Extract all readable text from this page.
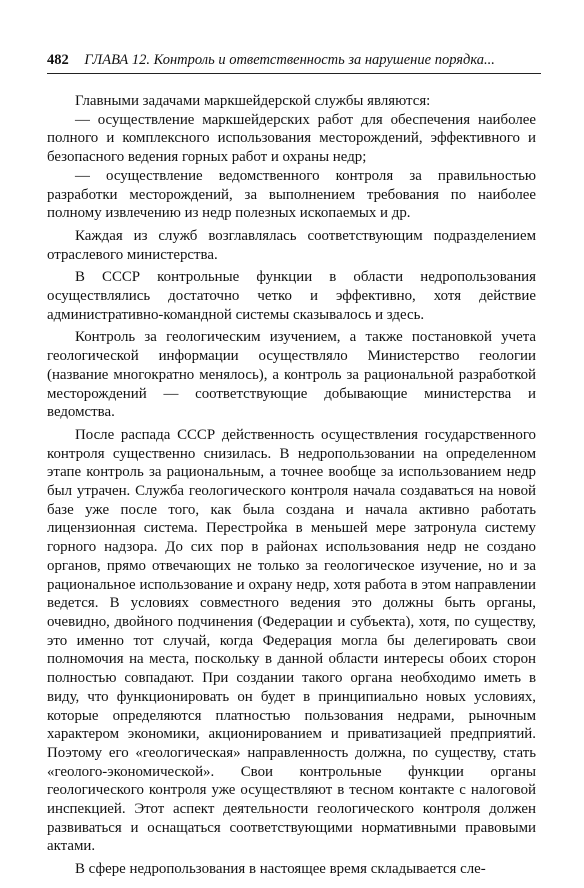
482 ГЛАВА 12. Контроль и ответственность за нарушение порядка...

Главными задачами маркшейдерской службы являются:

— осуществление маркшейдерских работ для обеспечения наиболее полного и комплексного использования месторождений, эффективного и безопасного ведения горных работ и охраны недр;

— осуществление ведомственного контроля за правильностью разработки месторождений, за выполнением требования по наиболее полному извлечению из недр полезных ископаемых и др.

Каждая из служб возглавлялась соответствующим подразделением отраслевого министерства.

В СССР контрольные функции в области недропользования осуществлялись достаточно четко и эффективно, хотя действие административно-командной системы сказывалось и здесь.

Контроль за геологическим изучением, а также постановкой учета геологической информации осуществляло Министерство геологии (название многократно менялось), а контроль за рациональной разработкой месторождений — соответствующие добывающие министерства и ведомства.

После распада СССР действенность осуществления государственного контроля существенно снизилась. В недропользовании на определенном этапе контроль за рациональным, а точнее вообще за использованием недр был утрачен. Служба геологического контроля начала создаваться на новой базе уже после того, как была создана и начала активно работать лицензионная система. Перестройка в меньшей мере затронула систему горного надзора. До сих пор в районах использования недр не создано органов, прямо отвечающих не только за геологическое изучение, но и за рациональное использование и охрану недр, хотя работа в этом направлении ведется. В условиях совместного ведения это должны быть органы, очевидно, двойного подчинения (Федерации и субъекта), хотя, по существу, это именно тот случай, когда Федерация могла бы делегировать свои полномочия на места, поскольку в данной области интересы обоих сторон полностью совпадают. При создании такого органа необходимо иметь в виду, что функционировать он будет в принципиально новых условиях, которые определяются платностью пользования недрами, рыночным характером экономики, акционированием и приватизацией предприятий. Поэтому его «геологическая» направленность должна, по существу, стать «геолого-экономической». Свои контрольные функции органы геологического контроля уже осуществляют в тесном контакте с налоговой инспекцией. Этот аспект деятельности геологического контроля должен развиваться и оснащаться соответствующими нормативными правовыми актами.

В сфере недропользования в настоящее время складывается сле-
